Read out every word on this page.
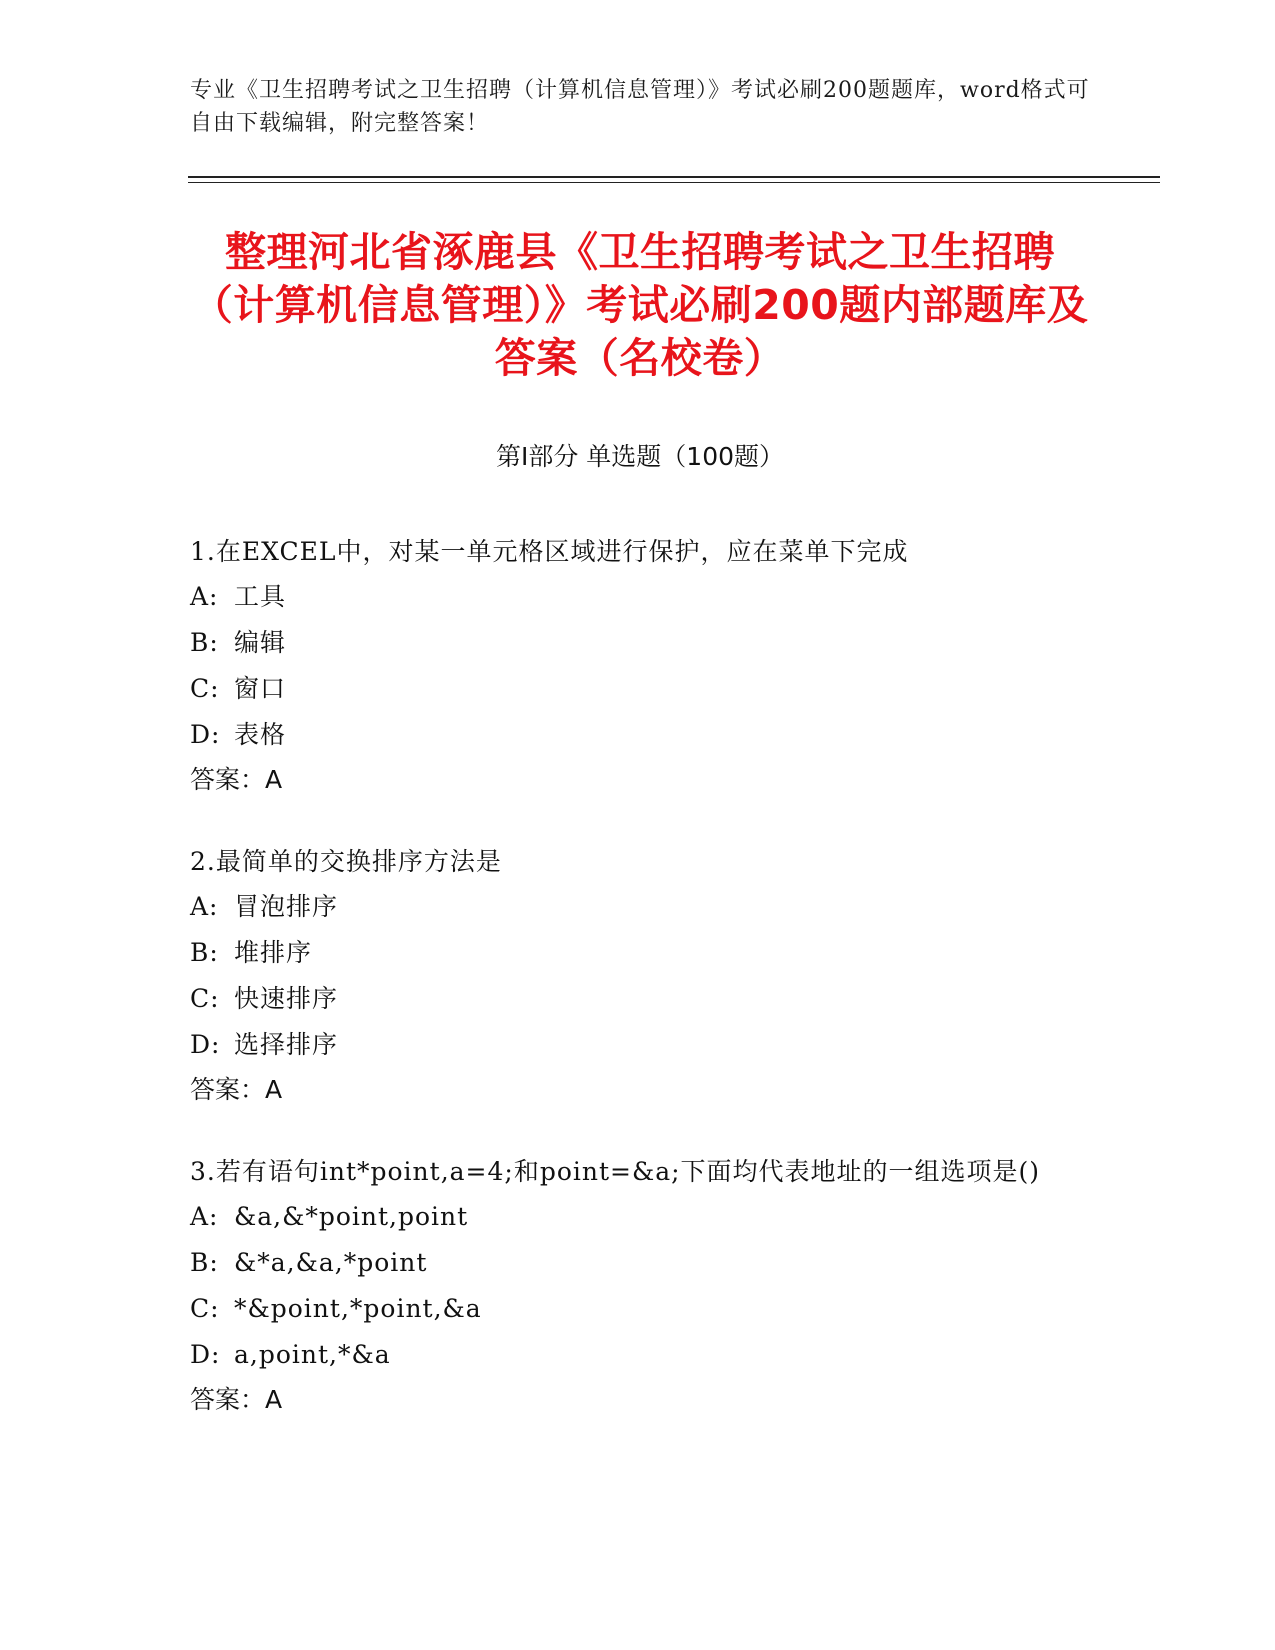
专业《卫生招聘考试之卫生招聘（计算机信息管理）》考试必刷200题题库，word格式可自由下载编辑，附完整答案！
整理河北省涿鹿县《卫生招聘考试之卫生招聘（计算机信息管理）》考试必刷200题内部题库及答案（名校卷）
第Ⅰ部分 单选题（100题）
1.在EXCEL中，对某一单元格区域进行保护，应在菜单下完成
A: 工具
B: 编辑
C: 窗口
D: 表格
答案：A
2.最简单的交换排序方法是
A: 冒泡排序
B: 堆排序
C: 快速排序
D: 选择排序
答案：A
3.若有语句int*point,a=4;和point=&a;下面均代表地址的一组选项是()
A: &a,&*point,point
B: &*a,&a,*point
C: *&point,*point,&a
D: a,point,*&a
答案：A
